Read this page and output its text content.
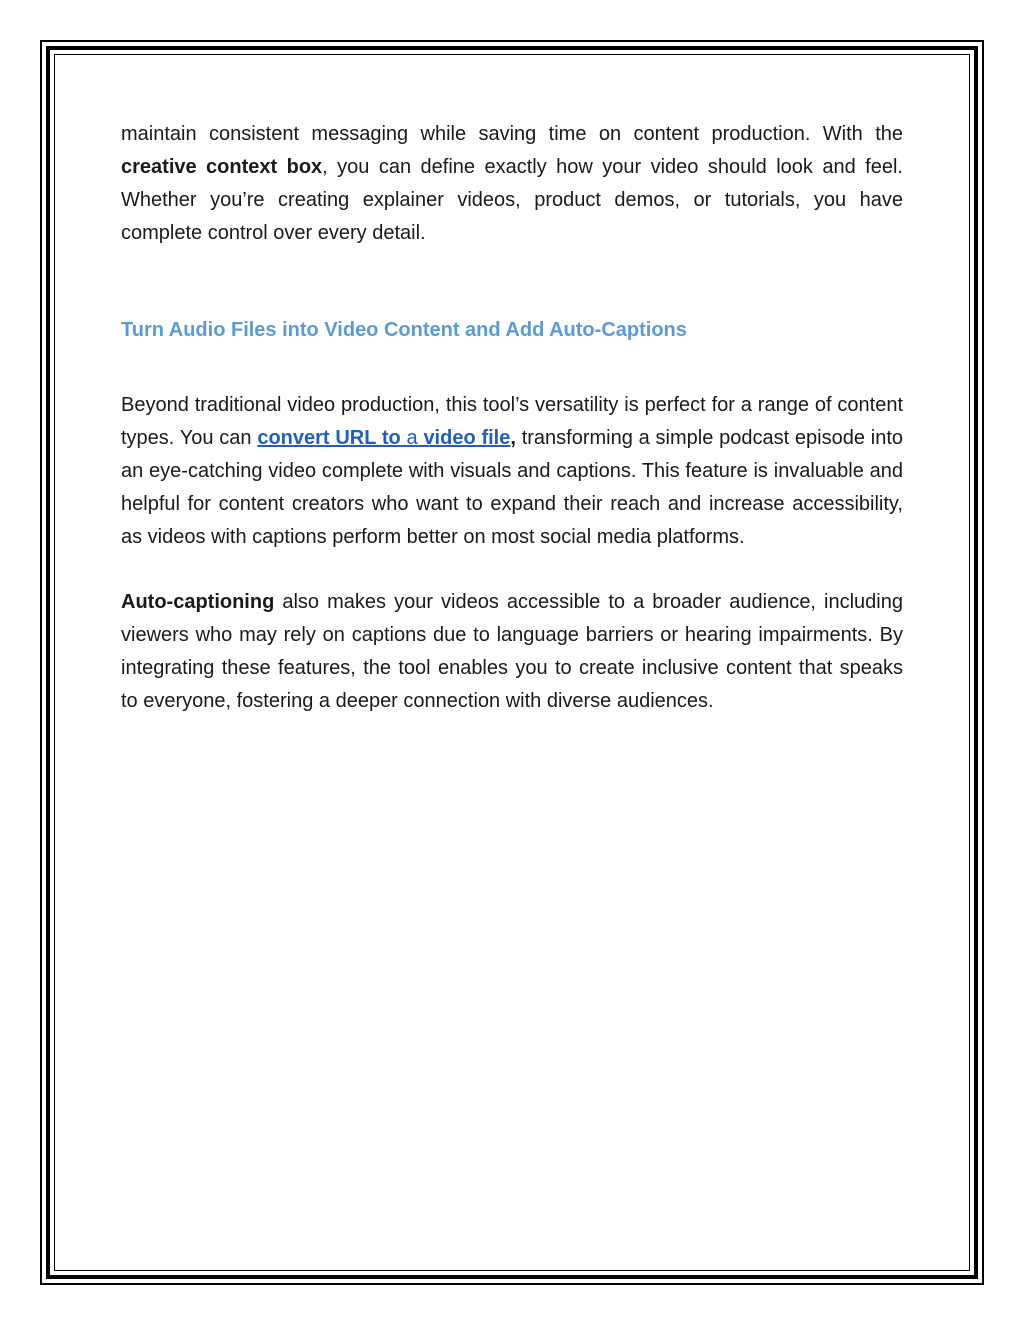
maintain consistent messaging while saving time on content production. With the creative context box, you can define exactly how your video should look and feel. Whether you’re creating explainer videos, product demos, or tutorials, you have complete control over every detail.

Turn Audio Files into Video Content and Add Auto-Captions

Beyond traditional video production, this tool’s versatility is perfect for a range of content types. You can convert URL to a video file, transforming a simple podcast episode into an eye-catching video complete with visuals and captions. This feature is invaluable and helpful for content creators who want to expand their reach and increase accessibility, as videos with captions perform better on most social media platforms.

Auto-captioning also makes your videos accessible to a broader audience, including viewers who may rely on captions due to language barriers or hearing impairments. By integrating these features, the tool enables you to create inclusive content that speaks to everyone, fostering a deeper connection with diverse audiences.
